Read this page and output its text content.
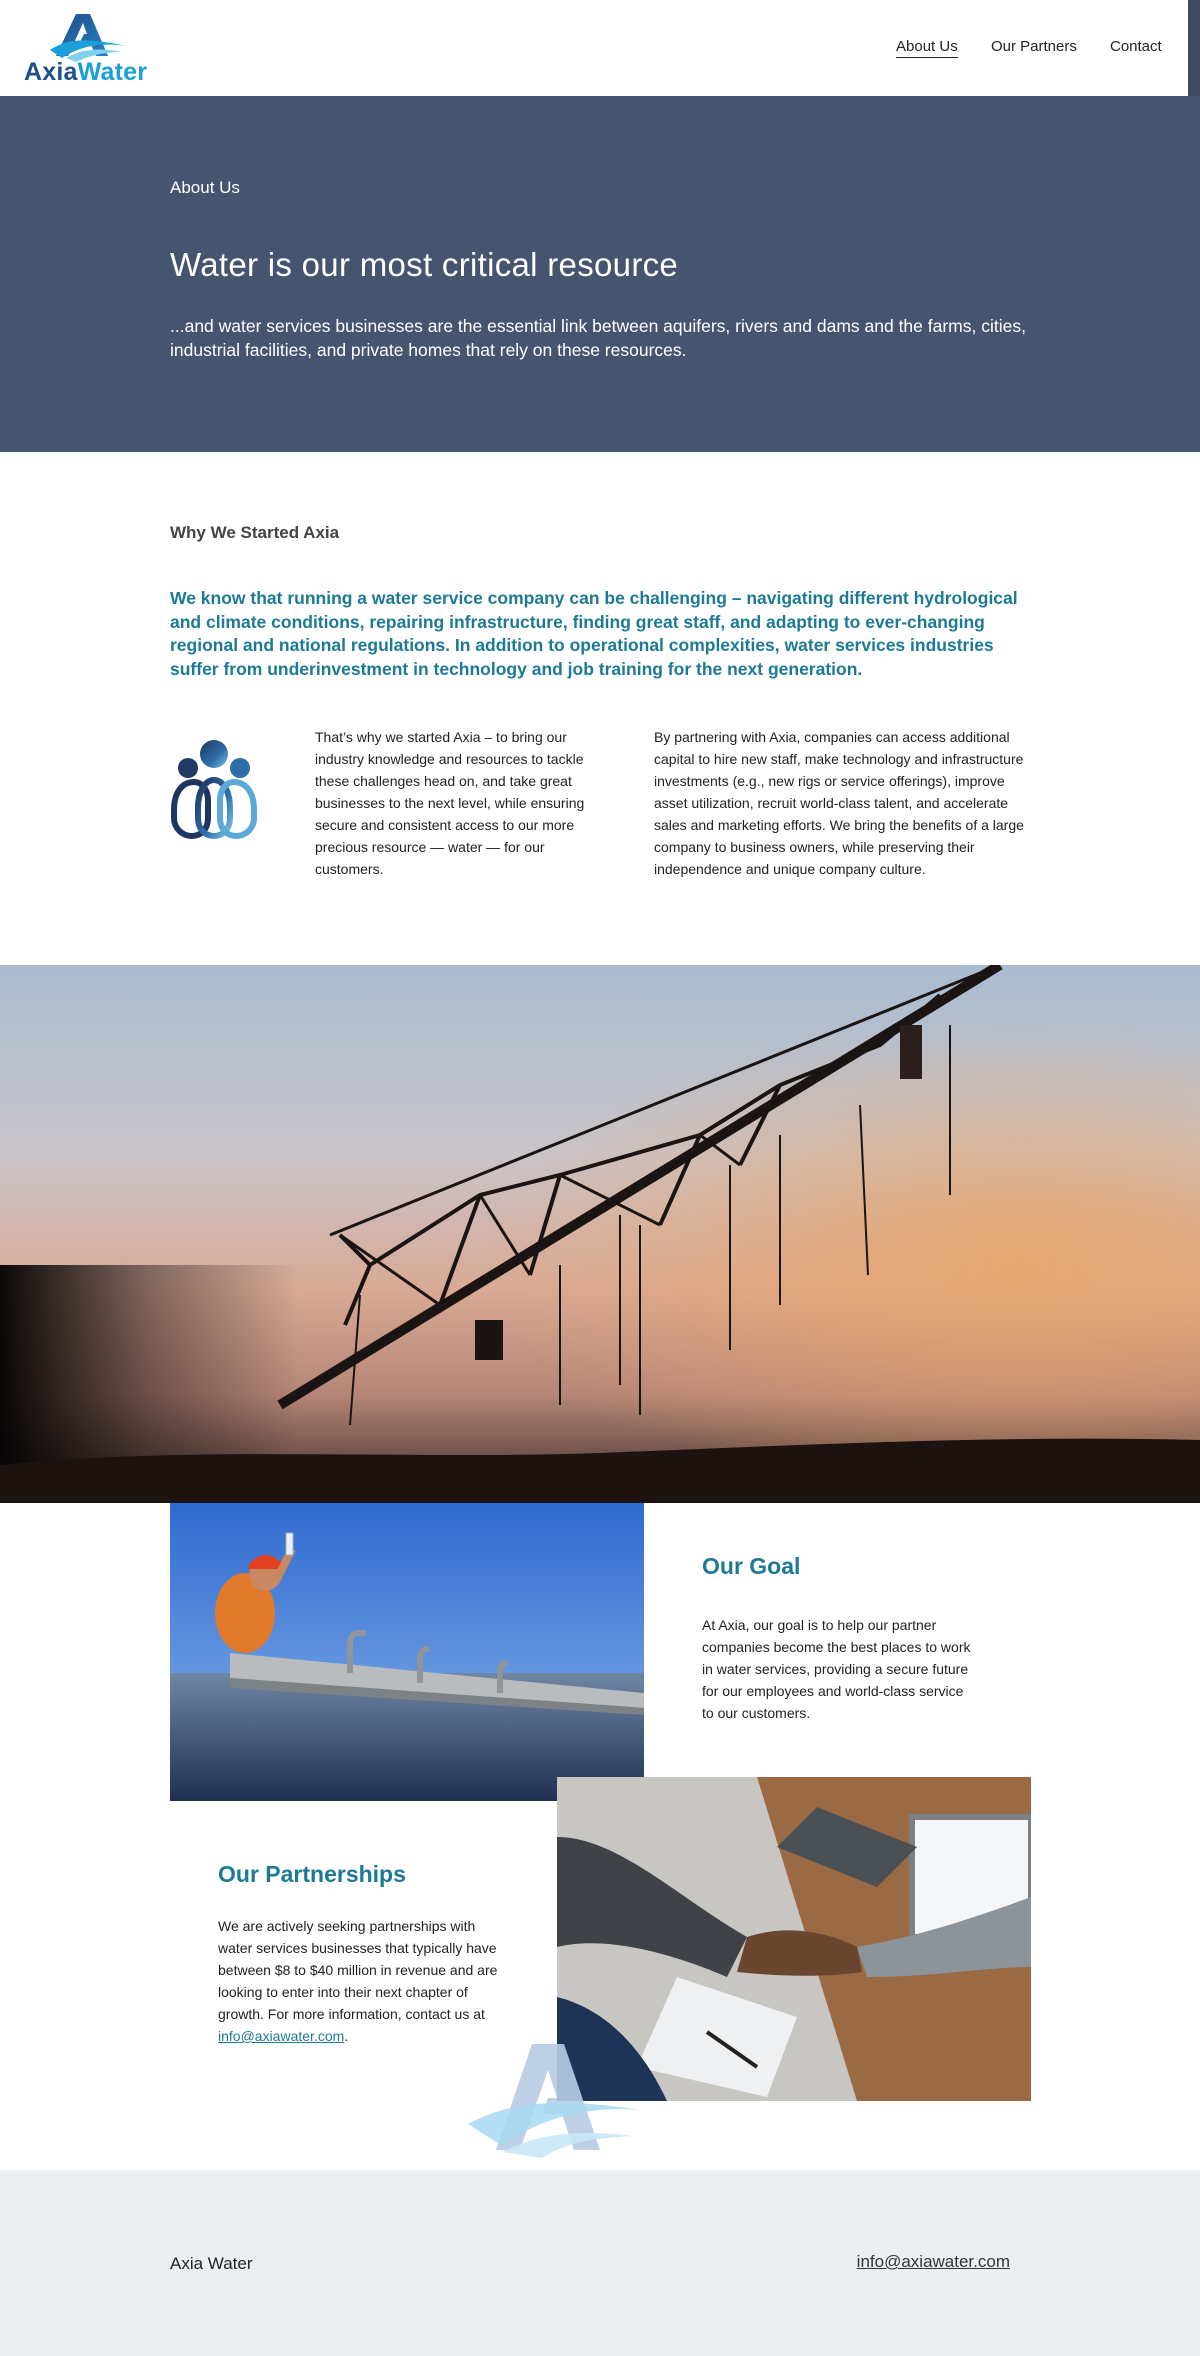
AxiaWater
About Us Our Partners Contact
About Us
Water is our most critical resource

...and water services businesses are the essential link between aquifers, rivers and dams and the farms, cities, industrial facilities, and private homes that rely on these resources.

Why We Started Axia

We know that running a water service company can be challenging – navigating different hydrological and climate conditions, repairing infrastructure, finding great staff, and adapting to ever-changing regional and national regulations. In addition to operational complexities, water services industries suffer from underinvestment in technology and job training for the next generation.

That’s why we started Axia – to bring our industry knowledge and resources to tackle these challenges head on, and take great businesses to the next level, while ensuring secure and consistent access to our more precious resource — water — for our customers.

By partnering with Axia, companies can access additional capital to hire new staff, make technology and infrastructure investments (e.g., new rigs or service offerings), improve asset utilization, recruit world-class talent, and accelerate sales and marketing efforts. We bring the benefits of a large company to business owners, while preserving their independence and unique company culture.

Our Goal

At Axia, our goal is to help our partner companies become the best places to work in water services, providing a secure future for our employees and world-class service to our customers.

Our Partnerships

We are actively seeking partnerships with water services businesses that typically have between $8 to $40 million in revenue and are looking to enter into their next chapter of growth. For more information, contact us at info@axiawater.com.

Axia Water	info@axiawater.com
